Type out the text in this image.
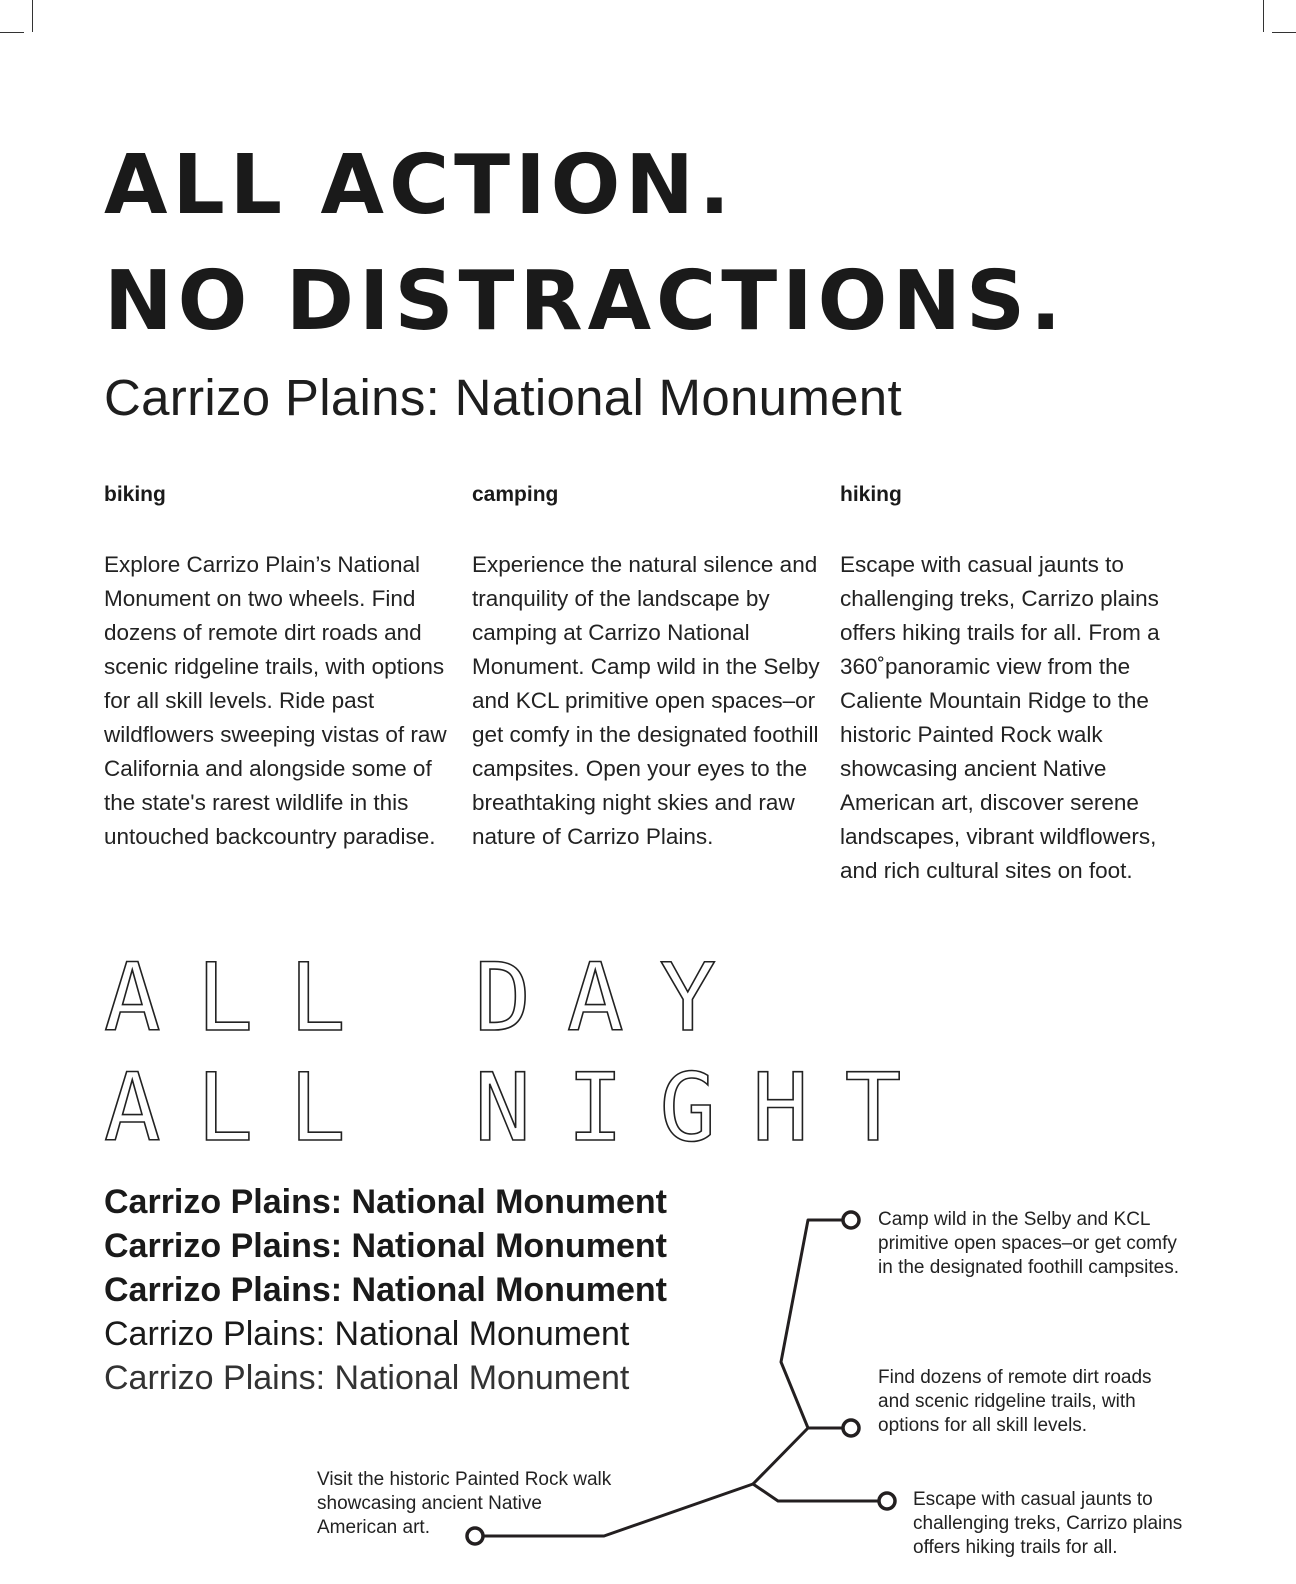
ALL ACTION.
NO DISTRACTIONS.
Carrizo Plains: National Monument
biking

Explore Carrizo Plain’s National Monument on two wheels. Find dozens of remote dirt roads and scenic ridgeline trails, with options for all skill levels. Ride past wildflowers sweeping vistas of raw California and alongside some of the state's rarest wildlife in this untouched backcountry paradise.

camping

Experience the natural silence and tranquility of the landscape by camping at Carrizo National Monument. Camp wild in the Selby and KCL primitive open spaces–or get comfy in the designated foothill campsites. Open your eyes to the breathtaking night skies and raw nature of Carrizo Plains.

hiking

Escape with casual jaunts to challenging treks, Carrizo plains offers hiking trails for all. From a 360˚panoramic view from the Caliente Mountain Ridge to the historic Painted Rock walk showcasing ancient Native American art, discover serene landscapes, vibrant wildflowers, and rich cultural sites on foot.

ALL DAY
ALL NIGHT
Carrizo Plains: National Monument
Carrizo Plains: National Monument
Carrizo Plains: National Monument
Carrizo Plains: National Monument
Carrizo Plains: National Monument
Camp wild in the Selby and KCL primitive open spaces–or get comfy in the designated foothill campsites.
Find dozens of remote dirt roads and scenic ridgeline trails, with options for all skill levels.
Escape with casual jaunts to challenging treks, Carrizo plains offers hiking trails for all.
Visit the historic Painted Rock walk showcasing ancient Native American art.
